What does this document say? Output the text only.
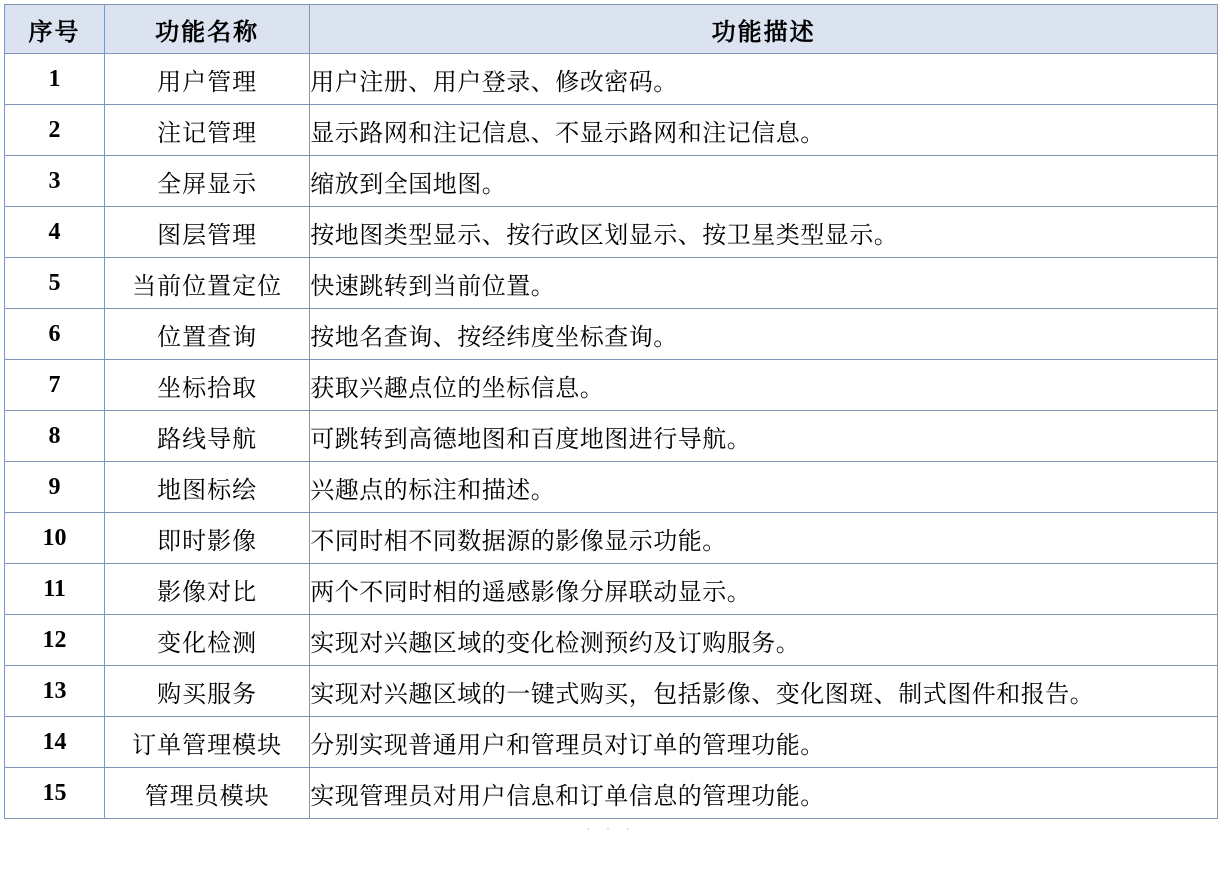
序号	功能名称	功能描述
1	用户管理	用户注册、用户登录、修改密码。
2	注记管理	显示路网和注记信息、不显示路网和注记信息。
3	全屏显示	缩放到全国地图。
4	图层管理	按地图类型显示、按行政区划显示、按卫星类型显示。
5	当前位置定位	快速跳转到当前位置。
6	位置查询	按地名查询、按经纬度坐标查询。
7	坐标拾取	获取兴趣点位的坐标信息。
8	路线导航	可跳转到高德地图和百度地图进行导航。
9	地图标绘	兴趣点的标注和描述。
10	即时影像	不同时相不同数据源的影像显示功能。
11	影像对比	两个不同时相的遥感影像分屏联动显示。
12	变化检测	实现对兴趣区域的变化检测预约及订购服务。
13	购买服务	实现对兴趣区域的一键式购买，包括影像、变化图斑、制式图件和报告。
14	订单管理模块	分别实现普通用户和管理员对订单的管理功能。
15	管理员模块	实现管理员对用户信息和订单信息的管理功能。
· · ·
